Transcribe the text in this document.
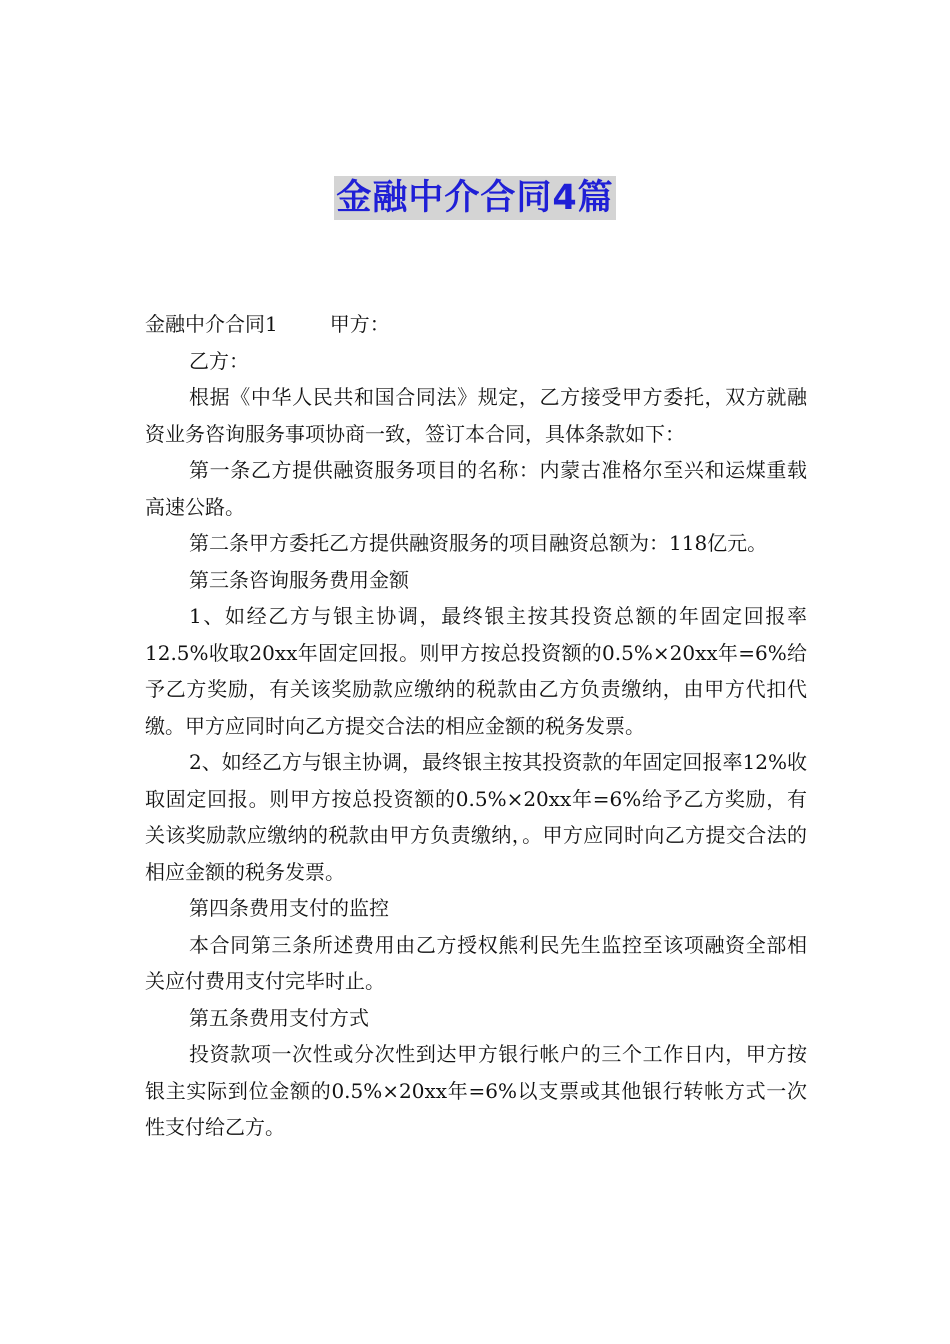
金融中介合同4篇

金融中介合同1	甲方：

乙方：

根据《中华人民共和国合同法》规定，乙方接受甲方委托，双方就融资业务咨询服务事项协商一致，签订本合同，具体条款如下：

第一条乙方提供融资服务项目的名称：内蒙古准格尔至兴和运煤重载高速公路。

第二条甲方委托乙方提供融资服务的项目融资总额为：118亿元。

第三条咨询服务费用金额

1、如经乙方与银主协调，最终银主按其投资总额的年固定回报率12.5%收取20xx年固定回报。则甲方按总投资额的0.5%×20xx年=6%给予乙方奖励，有关该奖励款应缴纳的税款由乙方负责缴纳，由甲方代扣代缴。甲方应同时向乙方提交合法的相应金额的税务发票。

2、如经乙方与银主协调，最终银主按其投资款的年固定回报率12%收取固定回报。则甲方按总投资额的0.5%×20xx年=6%给予乙方奖励，有关该奖励款应缴纳的税款由甲方负责缴纳，。甲方应同时向乙方提交合法的相应金额的税务发票。

第四条费用支付的监控

本合同第三条所述费用由乙方授权熊利民先生监控至该项融资全部相关应付费用支付完毕时止。

第五条费用支付方式

投资款项一次性或分次性到达甲方银行帐户的三个工作日内，甲方按银主实际到位金额的0.5%×20xx年=6%以支票或其他银行转帐方式一次性支付给乙方。
